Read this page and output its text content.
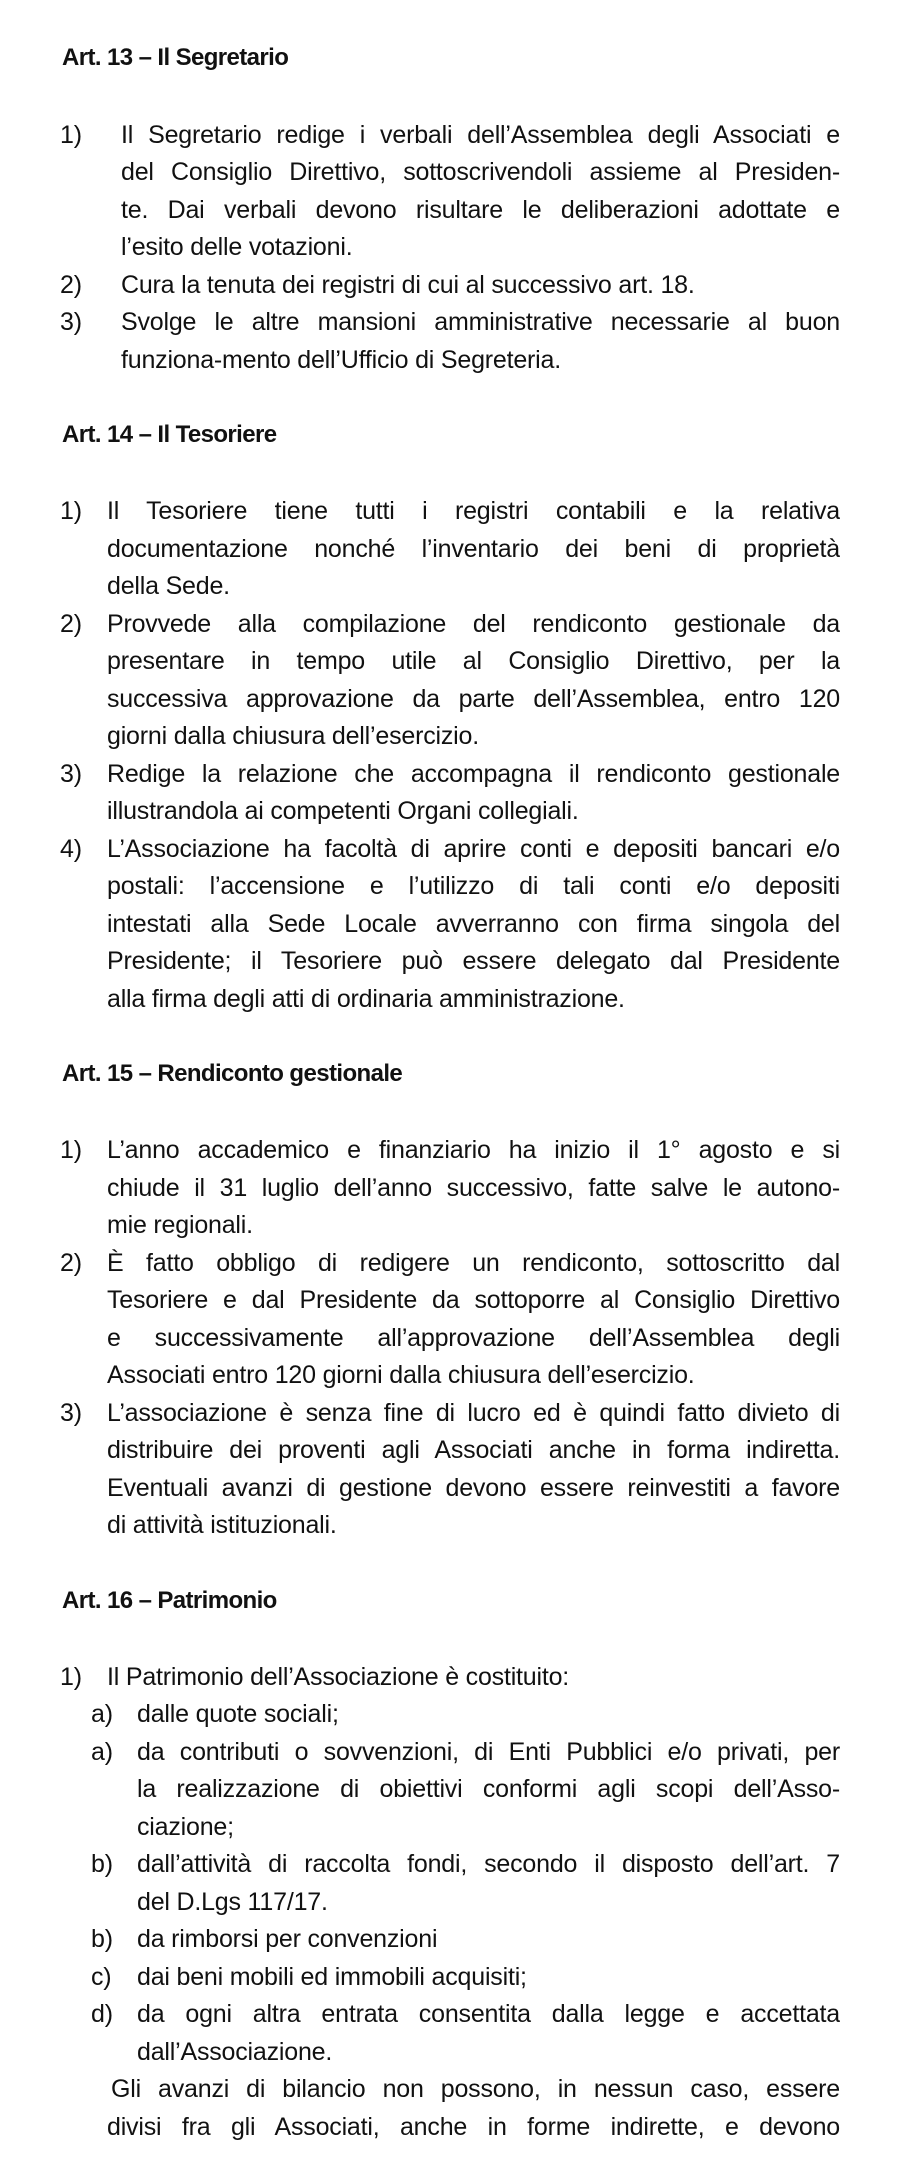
Art. 13 – Il Segretario
1) Il Segretario redige i verbali dell’Assemblea degli Associati e
del Consiglio Direttivo, sottoscrivendoli assieme al Presiden-
te. Dai verbali devono risultare le deliberazioni adottate e
l’esito delle votazioni.
2) Cura la tenuta dei registri di cui al successivo art. 18.
3) Svolge le altre mansioni amministrative necessarie al buon
funziona-mento dell’Ufficio di Segreteria.
Art. 14 – Il Tesoriere
1) Il Tesoriere tiene tutti i registri contabili e la relativa
documentazione nonché l’inventario dei beni di proprietà
della Sede.
2) Provvede alla compilazione del rendiconto gestionale da
presentare in tempo utile al Consiglio Direttivo, per la
successiva approvazione da parte dell’Assemblea, entro 120
giorni dalla chiusura dell’esercizio.
3) Redige la relazione che accompagna il rendiconto gestionale
illustrandola ai competenti Organi collegiali.
4) L’Associazione ha facoltà di aprire conti e depositi bancari e/o
postali: l’accensione e l’utilizzo di tali conti e/o depositi
intestati alla Sede Locale avverranno con firma singola del
Presidente; il Tesoriere può essere delegato dal Presidente
alla firma degli atti di ordinaria amministrazione.
Art. 15 – Rendiconto gestionale
1) L’anno accademico e finanziario ha inizio il 1° agosto e si
chiude il 31 luglio dell’anno successivo, fatte salve le autono-
mie regionali.
2) È fatto obbligo di redigere un rendiconto, sottoscritto dal
Tesoriere e dal Presidente da sottoporre al Consiglio Direttivo
e successivamente all’approvazione dell’Assemblea degli
Associati entro 120 giorni dalla chiusura dell’esercizio.
3) L’associazione è senza fine di lucro ed è quindi fatto divieto di
distribuire dei proventi agli Associati anche in forma indiretta.
Eventuali avanzi di gestione devono essere reinvestiti a favore
di attività istituzionali.
Art. 16 – Patrimonio
1) Il Patrimonio dell’Associazione è costituito:
a) dalle quote sociali;
a) da contributi o sovvenzioni, di Enti Pubblici e/o privati, per
la realizzazione di obiettivi conformi agli scopi dell’Asso-
ciazione;
b) dall’attività di raccolta fondi, secondo il disposto dell’art. 7
del D.Lgs 117/17.
b) da rimborsi per convenzioni
c) dai beni mobili ed immobili acquisiti;
d) da ogni altra entrata consentita dalla legge e accettata
dall’Associazione.
Gli avanzi di bilancio non possono, in nessun caso, essere
divisi fra gli Associati, anche in forme indirette, e devono
